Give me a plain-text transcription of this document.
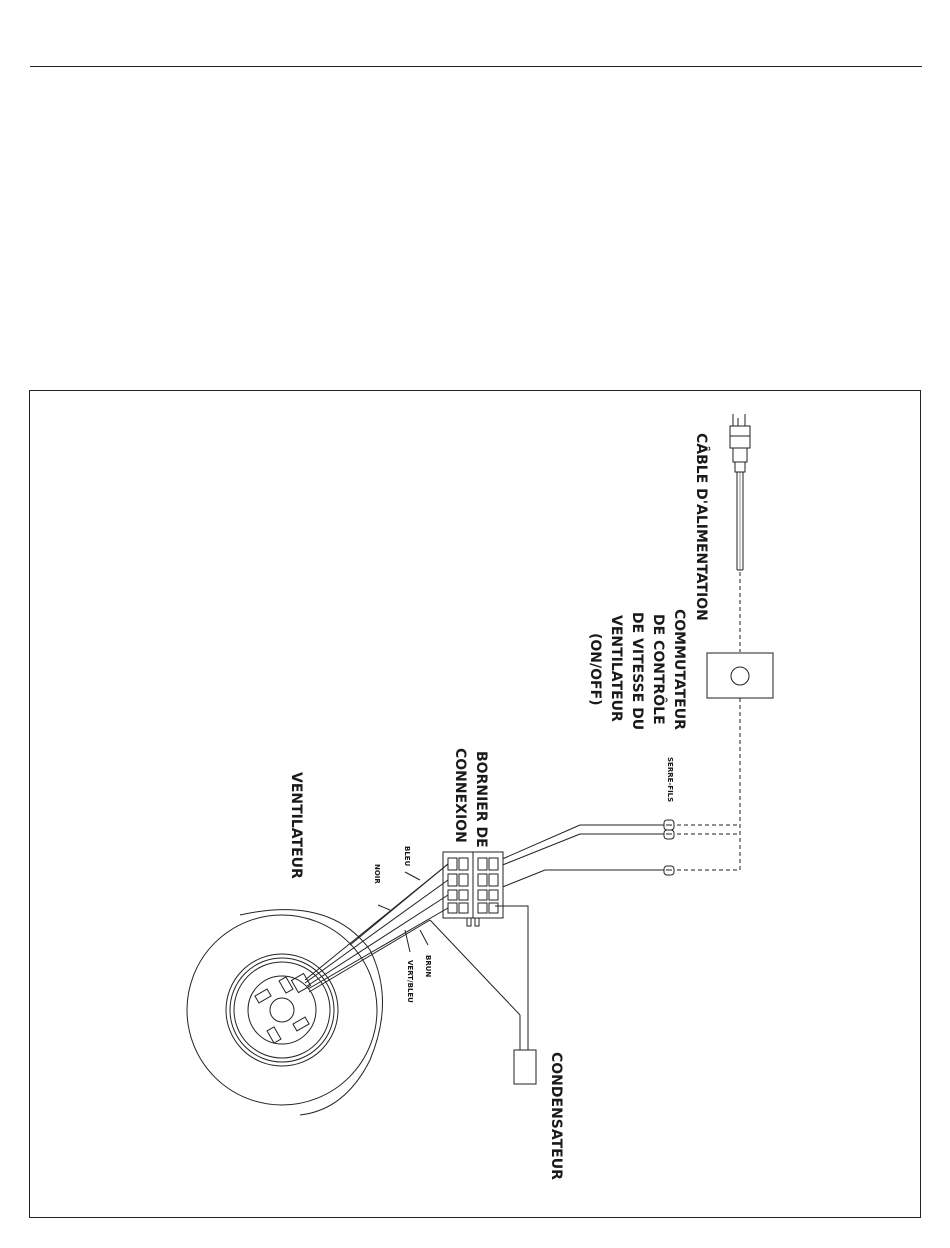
CÂBLE D'ALIMENTATION
COMMUTATEUR
DE CONTRÔLE
DE VITESSE DU
VENTILATEUR
(ON/OFF)
SERRE-FILS
BORNIER DE
CONNEXION
VENTILATEUR
CONDENSATEUR
BLEU
NOIR
BRUN
VERT/BLEU
